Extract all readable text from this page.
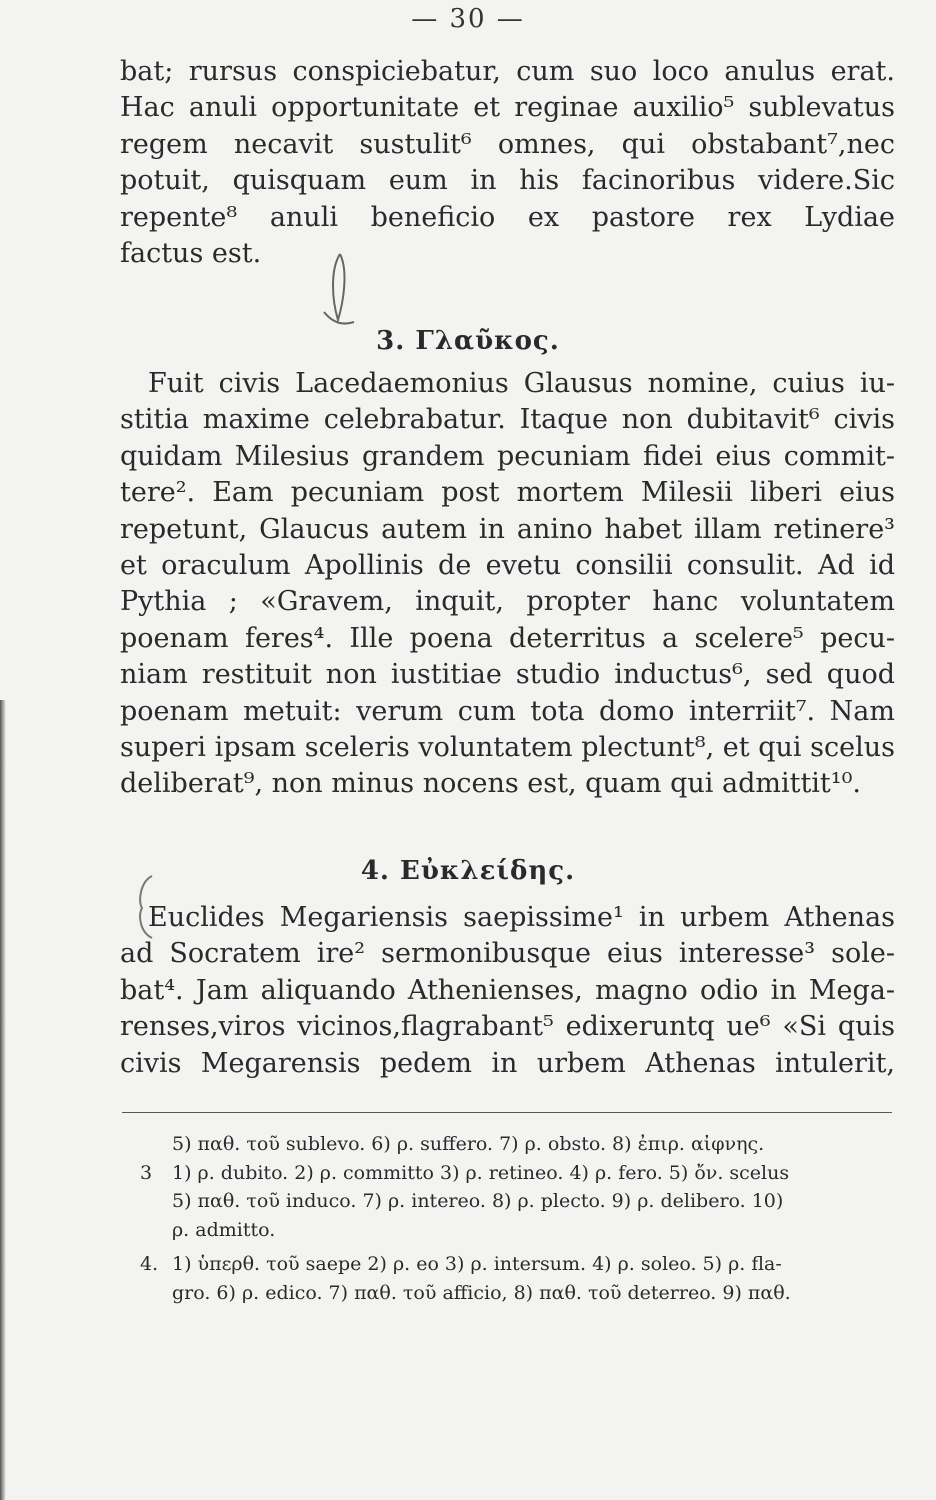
— 30 —
bat; rursus conspiciebatur, cum suo loco anulus erat.
Hac anuli opportunitate et reginae auxilio⁵ sublevatus
regem necavit sustulit⁶ omnes, qui obstabant⁷,nec
potuit, quisquam eum in his facinoribus videre.Sic
repente⁸ anuli beneficio ex pastore rex Lydiae
factus est.
3. Γλαῦκος.
Fuit civis Lacedaemonius Glausus nomine, cuius iu-
stitia maxime celebrabatur. Itaque non dubitavit⁶ civis
quidam Milesius grandem pecuniam fidei eius commit-
tere². Eam pecuniam post mortem Milesii liberi eius
repetunt, Glaucus autem in anino habet illam retinere³
et oraculum Apollinis de evetu consilii consulit. Ad id
Pythia ; «Gravem, inquit, propter hanc voluntatem
poenam feres⁴. Ille poena deterritus a scelere⁵ pecu-
niam restituit non iustitiae studio inductus⁶, sed quod
poenam metuit: verum cum tota domo interriit⁷. Nam
superi ipsam sceleris voluntatem plectunt⁸, et qui scelus
deliberat⁹, non minus nocens est, quam qui admittit¹⁰.
4. Εὐκλείδης.
Euclides Megariensis saepissime¹ in urbem Athenas
ad Socratem ire² sermonibusque eius interesse³ sole-
bat⁴. Jam aliquando Athenienses, magno odio in Mega-
renses,viros vicinos,flagrabant⁵ edixeruntq ue⁶ «Si quis
civis Megarensis pedem in urbem Athenas intulerit,
5) παθ. τοῦ sublevo. 6) ρ. suffero. 7) ρ. obsto. 8) ἐπιρ. αἰφνης.
3	1) ρ. dubito. 2) ρ. committo 3) ρ. retineo. 4) ρ. fero. 5) ὄν. scelus
5) παθ. τοῦ induco. 7) ρ. intereo. 8) ρ. plecto. 9) ρ. delibero. 10)
ρ. admitto.
4. 1) ὑπερθ. τοῦ saepe 2) ρ. eo 3) ρ. intersum. 4) ρ. soleo. 5) ρ. fla-
gro. 6) ρ. edico. 7) παθ. τοῦ afficio, 8) παθ. τοῦ deterreo. 9) παθ.
